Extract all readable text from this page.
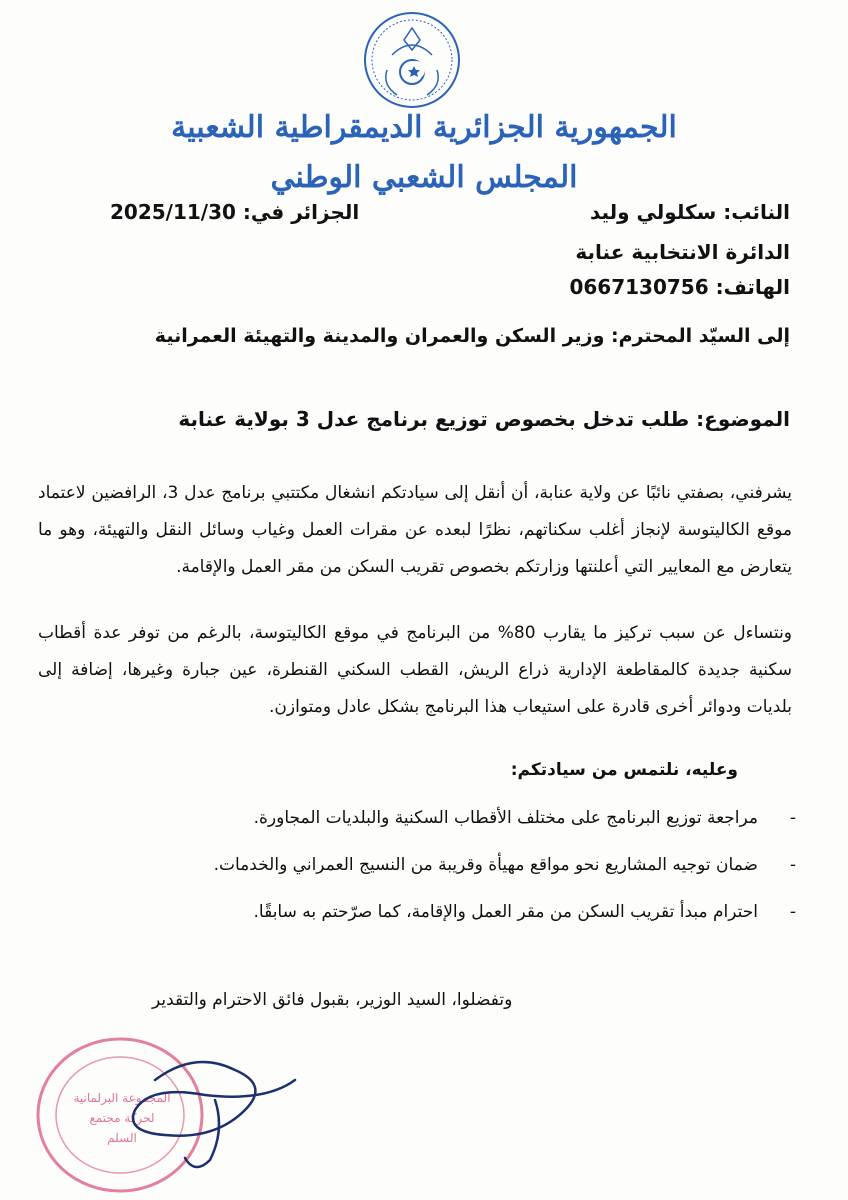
الجمهورية الجزائرية الديمقراطية الشعبية
المجلس الشعبي الوطني
النائب: سكلولي وليد
الدائرة الانتخابية عنابة
الهاتف: 0667130756
الجزائر في: 2025/11/30
إلى السيّد المحترم: وزير السكن والعمران والمدينة والتهيئة العمرانية
الموضوع: طلب تدخل بخصوص توزيع برنامج عدل 3 بولاية عنابة
يشرفني، بصفتي نائبًا عن ولاية عنابة، أن أنقل إلى سيادتكم انشغال مكتتبي برنامج عدل 3، الرافضين لاعتماد موقع الكاليتوسة لإنجاز أغلب سكناتهم، نظرًا لبعده عن مقرات العمل وغياب وسائل النقل والتهيئة، وهو ما يتعارض مع المعايير التي أعلنتها وزارتكم بخصوص تقريب السكن من مقر العمل والإقامة.
ونتساءل عن سبب تركيز ما يقارب 80% من البرنامج في موقع الكاليتوسة، بالرغم من توفر عدة أقطاب سكنية جديدة كالمقاطعة الإدارية ذراع الريش، القطب السكني القنطرة، عين جبارة وغيرها، إضافة إلى بلديات ودوائر أخرى قادرة على استيعاب هذا البرنامج بشكل عادل ومتوازن.
وعليه، نلتمس من سيادتكم:
-مراجعة توزيع البرنامج على مختلف الأقطاب السكنية والبلديات المجاورة.
-ضمان توجيه المشاريع نحو مواقع مهيأة وقريبة من النسيج العمراني والخدمات.
-احترام مبدأ تقريب السكن من مقر العمل والإقامة، كما صرّحتم به سابقًا.
وتفضلوا، السيد الوزير، بقبول فائق الاحترام والتقدير
المجموعة البرلمانية
لحركة مجتمع
السلم
